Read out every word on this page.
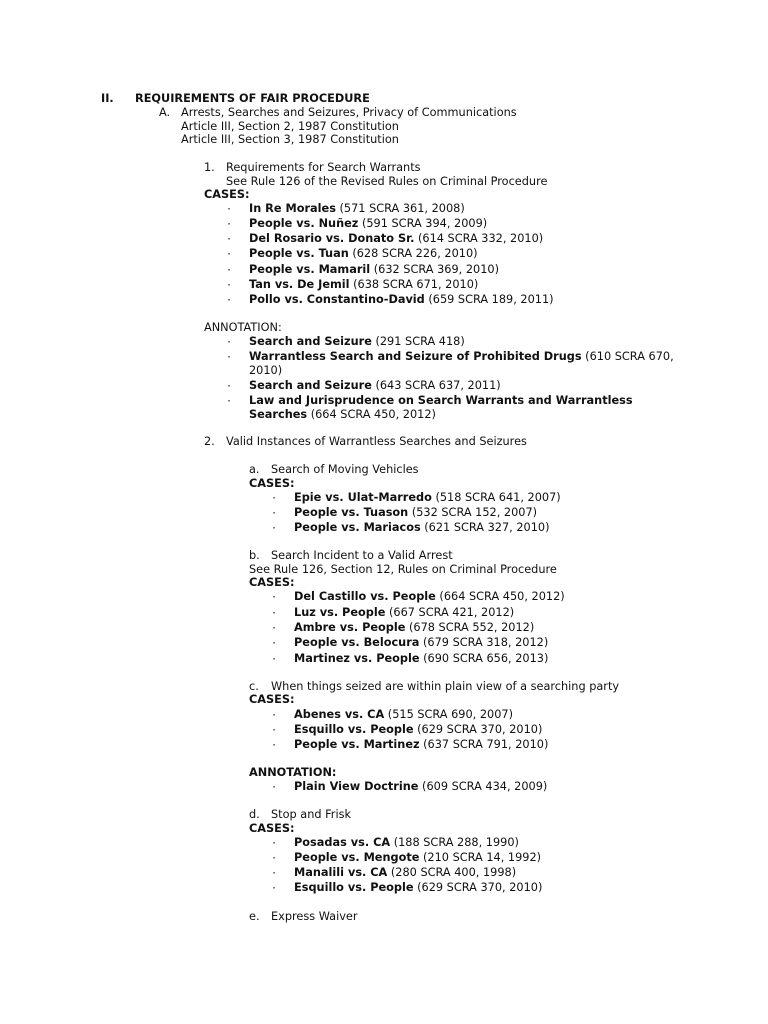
II. REQUIREMENTS OF FAIR PROCEDURE
A. Arrests, Searches and Seizures, Privacy of Communications
Article III, Section 2, 1987 Constitution
Article III, Section 3, 1987 Constitution
1. Requirements for Search Warrants
See Rule 126 of the Revised Rules on Criminal Procedure
CASES:
·	In Re Morales (571 SCRA 361, 2008)
·	People vs. Nuñez (591 SCRA 394, 2009)
·	Del Rosario vs. Donato Sr. (614 SCRA 332, 2010)
·	People vs. Tuan (628 SCRA 226, 2010)
·	People vs. Mamaril (632 SCRA 369, 2010)
·	Tan vs. De Jemil (638 SCRA 671, 2010)
·	Pollo vs. Constantino-David (659 SCRA 189, 2011)
ANNOTATION:
·	Search and Seizure (291 SCRA 418)
·	Warrantless Search and Seizure of Prohibited Drugs (610 SCRA 670,
2010)
·	Search and Seizure (643 SCRA 637, 2011)
·	Law and Jurisprudence on Search Warrants and Warrantless
Searches (664 SCRA 450, 2012)
2. Valid Instances of Warrantless Searches and Seizures
a. Search of Moving Vehicles
CASES:
·	Epie vs. Ulat-Marredo (518 SCRA 641, 2007)
·	People vs. Tuason (532 SCRA 152, 2007)
·	People vs. Mariacos (621 SCRA 327, 2010)
b. Search Incident to a Valid Arrest
See Rule 126, Section 12, Rules on Criminal Procedure
CASES:
·	Del Castillo vs. People (664 SCRA 450, 2012)
·	Luz vs. People (667 SCRA 421, 2012)
·	Ambre vs. People (678 SCRA 552, 2012)
·	People vs. Belocura (679 SCRA 318, 2012)
·	Martinez vs. People (690 SCRA 656, 2013)
c. When things seized are within plain view of a searching party
CASES:
·	Abenes vs. CA (515 SCRA 690, 2007)
·	Esquillo vs. People (629 SCRA 370, 2010)
·	People vs. Martinez (637 SCRA 791, 2010)
ANNOTATION:
·	Plain View Doctrine (609 SCRA 434, 2009)
d. Stop and Frisk
CASES:
·	Posadas vs. CA (188 SCRA 288, 1990)
·	People vs. Mengote (210 SCRA 14, 1992)
·	Manalili vs. CA (280 SCRA 400, 1998)
·	Esquillo vs. People (629 SCRA 370, 2010)
e. Express Waiver
